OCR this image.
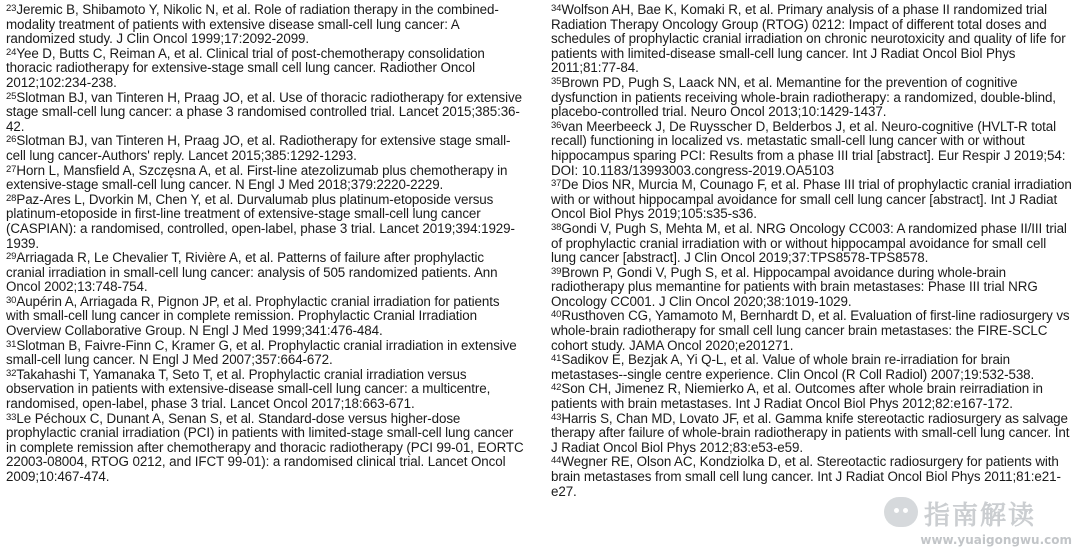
$^{23}$Jeremic B, Shibamoto Y, Nikolic N, et al. Role of radiation therapy in the combined-modality treatment of patients with extensive disease small-cell lung cancer: A randomized study. J Clin Oncol 1999;17:2092-2099.
$^{24}$Yee D, Butts C, Reiman A, et al. Clinical trial of post-chemotherapy consolidation thoracic radiotherapy for extensive-stage small cell lung cancer. Radiother Oncol 2012;102:234-238.
$^{25}$Slotman BJ, van Tinteren H, Praag JO, et al. Use of thoracic radiotherapy for extensive stage small-cell lung cancer: a phase 3 randomised controlled trial. Lancet 2015;385:36-42.
$^{26}$Slotman BJ, van Tinteren H, Praag JO, et al. Radiotherapy for extensive stage small-cell lung cancer-Authors' reply. Lancet 2015;385:1292-1293.
$^{27}$Horn L, Mansfield A, Szczęsna A, et al. First-line atezolizumab plus chemotherapy in extensive-stage small-cell lung cancer. N Engl J Med 2018;379:2220-2229.
$^{28}$Paz-Ares L, Dvorkin M, Chen Y, et al. Durvalumab plus platinum-etoposide versus platinum-etoposide in first-line treatment of extensive-stage small-cell lung cancer (CASPIAN): a randomised, controlled, open-label, phase 3 trial. Lancet 2019;394:1929-1939.
$^{29}$Arriagada R, Le Chevalier T, Rivière A, et al. Patterns of failure after prophylactic cranial irradiation in small-cell lung cancer: analysis of 505 randomized patients. Ann Oncol 2002;13:748-754.
$^{30}$Aupérin A, Arriagada R, Pignon JP, et al. Prophylactic cranial irradiation for patients with small-cell lung cancer in complete remission. Prophylactic Cranial Irradiation Overview Collaborative Group. N Engl J Med 1999;341:476-484.
$^{31}$Slotman B, Faivre-Finn C, Kramer G, et al. Prophylactic cranial irradiation in extensive small-cell lung cancer. N Engl J Med 2007;357:664-672.
$^{32}$Takahashi T, Yamanaka T, Seto T, et al. Prophylactic cranial irradiation versus observation in patients with extensive-disease small-cell lung cancer: a multicentre, randomised, open-label, phase 3 trial. Lancet Oncol 2017;18:663-671.
$^{33}$Le Péchoux C, Dunant A, Senan S, et al. Standard-dose versus higher-dose prophylactic cranial irradiation (PCI) in patients with limited-stage small-cell lung cancer in complete remission after chemotherapy and thoracic radiotherapy (PCI 99-01, EORTC 22003-08004, RTOG 0212, and IFCT 99-01): a randomised clinical trial. Lancet Oncol 2009;10:467-474.
$^{34}$Wolfson AH, Bae K, Komaki R, et al. Primary analysis of a phase II randomized trial Radiation Therapy Oncology Group (RTOG) 0212: Impact of different total doses and schedules of prophylactic cranial irradiation on chronic neurotoxicity and quality of life for patients with limited-disease small-cell lung cancer. Int J Radiat Oncol Biol Phys 2011;81:77-84.
$^{35}$Brown PD, Pugh S, Laack NN, et al. Memantine for the prevention of cognitive dysfunction in patients receiving whole-brain radiotherapy: a randomized, double-blind, placebo-controlled trial. Neuro Oncol 2013;10:1429-1437.
$^{36}$van Meerbeeck J, De Ruysscher D, Belderbos J, et al. Neuro-cognitive (HVLT-R total recall) functioning in localized vs. metastatic small-cell lung cancer with or without hippocampus sparing PCI: Results from a phase III trial [abstract]. Eur Respir J 2019;54: DOI: 10.1183/13993003.congress-2019.OA5103
$^{37}$De Dios NR, Murcia M, Counago F, et al. Phase III trial of prophylactic cranial irradiation with or without hippocampal avoidance for small cell lung cancer [abstract]. Int J Radiat Oncol Biol Phys 2019;105:s35-s36.
$^{38}$Gondi V, Pugh S, Mehta M, et al. NRG Oncology CC003: A randomized phase II/III trial of prophylactic cranial irradiation with or without hippocampal avoidance for small cell lung cancer [abstract]. J Clin Oncol 2019;37:TPS8578-TPS8578.
$^{39}$Brown P, Gondi V, Pugh S, et al. Hippocampal avoidance during whole-brain radiotherapy plus memantine for patients with brain metastases: Phase III trial NRG Oncology CC001. J Clin Oncol 2020;38:1019-1029.
$^{40}$Rusthoven CG, Yamamoto M, Bernhardt D, et al. Evaluation of first-line radiosurgery vs whole-brain radiotherapy for small cell lung cancer brain metastases: the FIRE-SCLC cohort study. JAMA Oncol 2020;e201271.
$^{41}$Sadikov E, Bezjak A, Yi Q-L, et al. Value of whole brain re-irradiation for brain metastases--single centre experience. Clin Oncol (R Coll Radiol) 2007;19:532-538.
$^{42}$Son CH, Jimenez R, Niemierko A, et al. Outcomes after whole brain reirradiation in patients with brain metastases. Int J Radiat Oncol Biol Phys 2012;82:e167-172.
$^{43}$Harris S, Chan MD, Lovato JF, et al. Gamma knife stereotactic radiosurgery as salvage therapy after failure of whole-brain radiotherapy in patients with small-cell lung cancer. Int J Radiat Oncol Biol Phys 2012;83:e53-e59.
$^{44}$Wegner RE, Olson AC, Kondziolka D, et al. Stereotactic radiosurgery for patients with brain metastases from small cell lung cancer. Int J Radiat Oncol Biol Phys 2011;81:e21-e27.
指南解读
www.yuaigongwu.com
